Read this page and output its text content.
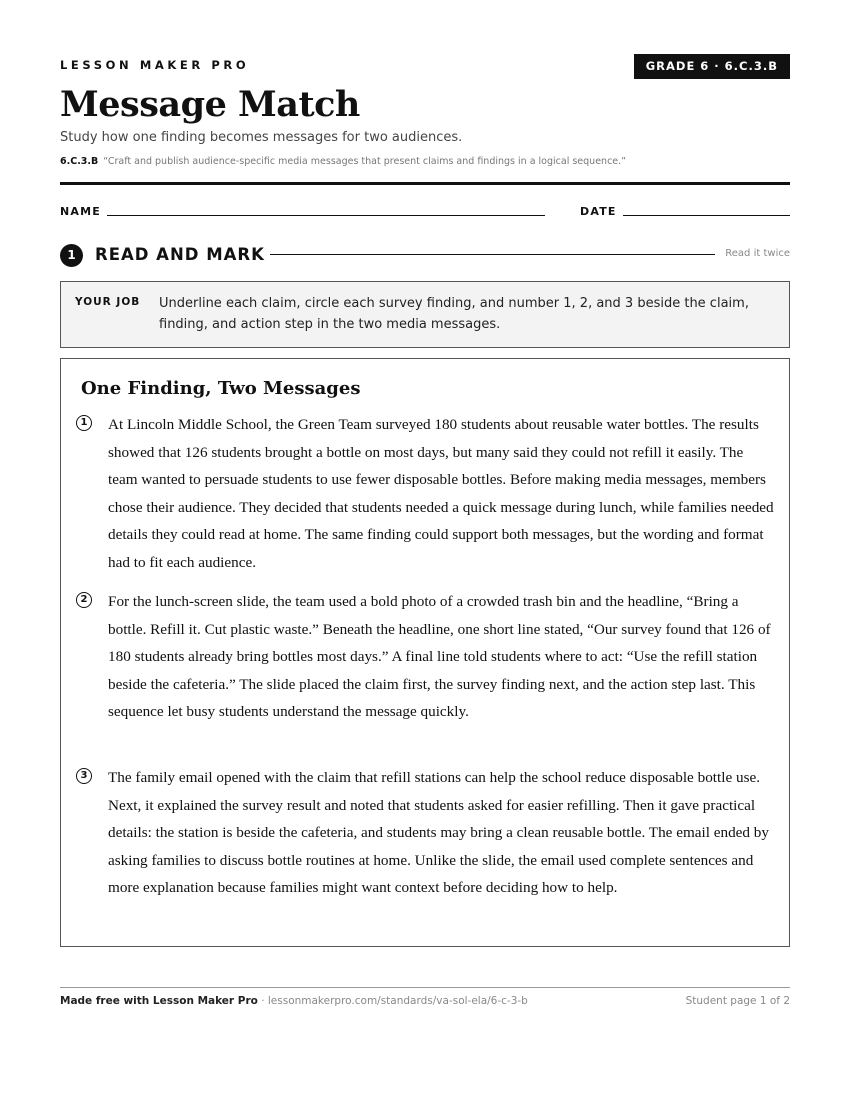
LESSON MAKER PRO	GRADE 6 · 6.C.3.B
Message Match
Study how one finding becomes messages for two audiences.
6.C.3.B “Craft and publish audience-specific media messages that present claims and findings in a logical sequence.”
NAME	DATE
1	READ AND MARK	Read it twice
YOUR JOB Underline each claim, circle each survey finding, and number 1, 2, and 3 beside the claim, finding, and action step in the two media messages.
One Finding, Two Messages
1 At Lincoln Middle School, the Green Team surveyed 180 students about reusable water bottles. The results showed that 126 students brought a bottle on most days, but many said they could not refill it easily. The team wanted to persuade students to use fewer disposable bottles. Before making media messages, members chose their audience. They decided that students needed a quick message during lunch, while families needed details they could read at home. The same finding could support both messages, but the wording and format had to fit each audience.
2 For the lunch-screen slide, the team used a bold photo of a crowded trash bin and the headline, “Bring a bottle. Refill it. Cut plastic waste.” Beneath the headline, one short line stated, “Our survey found that 126 of 180 students already bring bottles most days.” A final line told students where to act: “Use the refill station beside the cafeteria.” The slide placed the claim first, the survey finding next, and the action step last. This sequence let busy students understand the message quickly.
3 The family email opened with the claim that refill stations can help the school reduce disposable bottle use. Next, it explained the survey result and noted that students asked for easier refilling. Then it gave practical details: the station is beside the cafeteria, and students may bring a clean reusable bottle. The email ended by asking families to discuss bottle routines at home. Unlike the slide, the email used complete sentences and more explanation because families might want context before deciding how to help.
Made free with Lesson Maker Pro · lessonmakerpro.com/standards/va-sol-ela/6-c-3-b	Student page 1 of 2
